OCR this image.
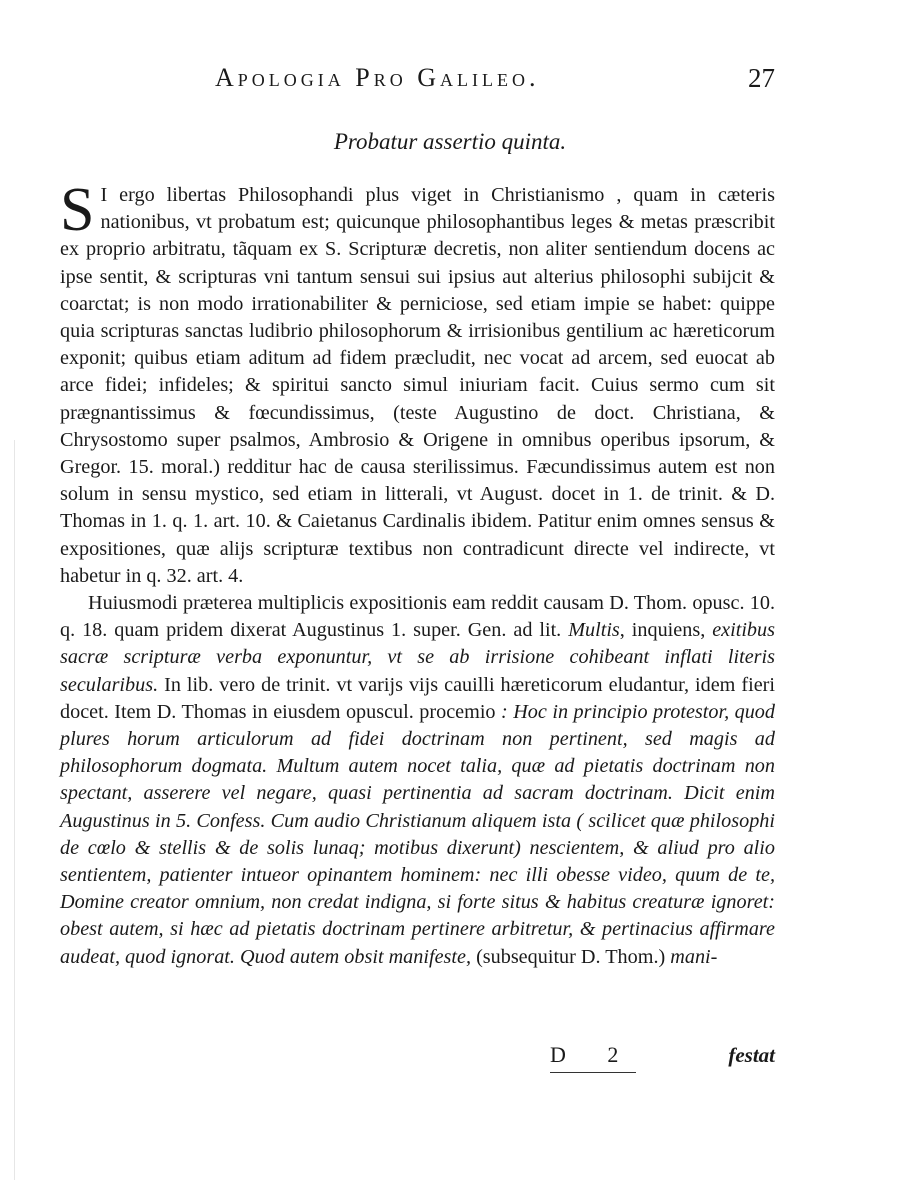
Apologia Pro Galileo.	27
Probatur assertio quinta.

S I ergo libertas Philosophandi plus viget in Christianismo , quam in cæteris nationibus, vt probatum est; quicunque philosophantibus leges & metas præscribit ex proprio arbitratu, tãquam ex S. Scripturæ decretis, non aliter sentiendum docens ac ipse sentit, & scripturas vni tantum sensui sui ipsius aut alterius philosophi subijcit & coarctat; is non modo irrationabiliter & perniciose, sed etiam impie se habet: quippe quia scripturas sanctas ludibrio philosophorum & irrisionibus gentilium ac hæreticorum exponit; quibus etiam aditum ad fidem præcludit, nec vocat ad arcem, sed euocat ab arce fidei; infideles; & spiritui sancto simul iniuriam facit. Cuius sermo cum sit prægnantissimus & fœcundissimus, (teste Augustino de doct. Christiana, & Chrysostomo super psalmos, Ambrosio & Origene in omnibus operibus ipsorum, & Gregor. 15. moral.) redditur hac de causa sterilissimus. Fæcundissimus autem est non solum in sensu mystico, sed etiam in litterali, vt August. docet in 1. de trinit. & D. Thomas in 1. q. 1. art. 10. & Caietanus Cardinalis ibidem. Patitur enim omnes sensus & expositiones, quæ alijs scripturæ textibus non contradicunt directe vel indirecte, vt habetur in q. 32. art. 4.

Huiusmodi præterea multiplicis expositionis eam reddit causam D. Thom. opusc. 10. q. 18. quam pridem dixerat Augustinus 1. super. Gen. ad lit. Multis, inquiens, exitibus sacræ scripturæ verba exponuntur, vt se ab irrisione cohibeant inflati literis secularibus. In lib. vero de trinit. vt varijs vijs cauilli hæreticorum eludantur, idem fieri docet. Item D. Thomas in eiusdem opuscul. procemio : Hoc in principio protestor, quod plures horum articulorum ad fidei doctrinam non pertinent, sed magis ad philosophorum dogmata. Multum autem nocet talia, quæ ad pietatis doctrinam non spectant, asserere vel negare, quasi pertinentia ad sacram doctrinam. Dicit enim Augustinus in 5. Confess. Cum audio Christianum aliquem ista ( scilicet quæ philosophi de cœlo & stellis & de solis lunaq; motibus dixerunt) nescientem, & aliud pro alio sentientem, patienter intueor opinantem hominem: nec illi obesse video, quum de te, Domine creator omnium, non credat indigna, si forte situs & habitus creaturæ ignoret: obest autem, si hæc ad pietatis doctrinam pertinere arbitretur, & pertinacius affirmare audeat, quod ignorat. Quod autem obsit manifeste, (subsequitur D. Thom.) mani-

D 2	festat
